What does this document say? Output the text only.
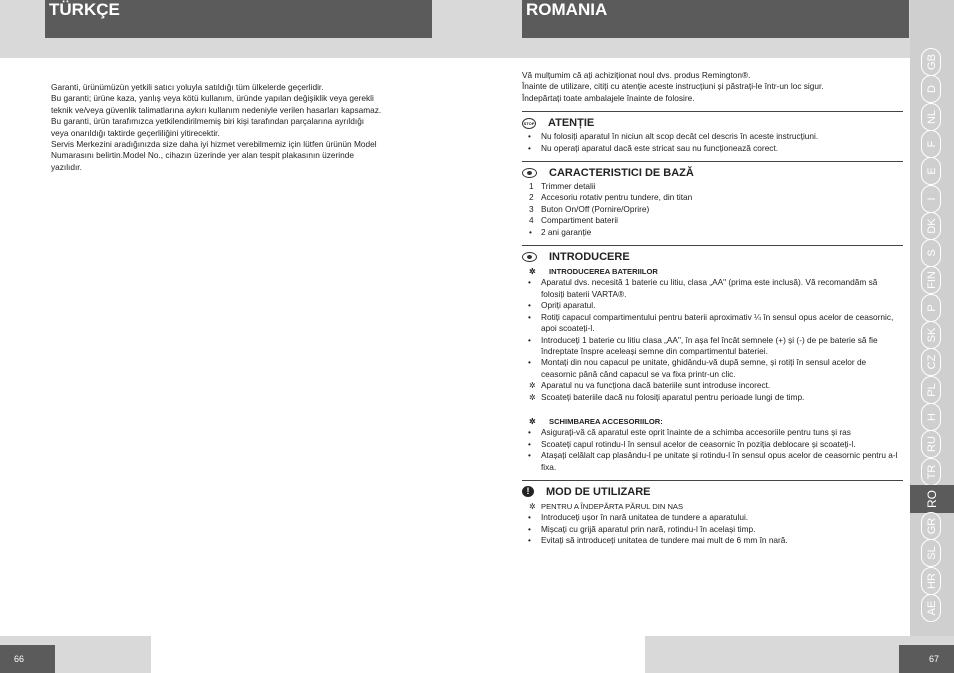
TÜRKÇE	ROMANIA
Garanti, ürünümüzün yetkili satıcı yoluyla satıldığı tüm ülkelerde geçerlidir.
Bu garanti; ürüne kaza, yanlış veya kötü kullanım, üründe yapılan değişiklik veya gerekli
teknik ve/veya güvenlik talimatlarına aykırı kullanım nedeniyle verilen hasarları kapsamaz.
Bu garanti, ürün tarafımızca yetkilendirilmemiş biri kişi tarafından parçalarına ayrıldığı
veya onarıldığı taktirde geçerliliğini yitirecektir.
Servis Merkezini aradığınızda size daha iyi hizmet verebilmemiz için lütfen ürünün Model
Numarasını belirtin.Model No., cihazın üzerinde yer alan tespit plakasının üzerinde
yazılıdır.

Vă mulțumim că ați achiziționat noul dvs. produs Remington®.

Înainte de utilizare, citiți cu atenție aceste instrucțiuni și păstrați-le într-un loc sigur.

Îndepărtați toate ambalajele înainte de folosire.

STOP ATENȚIE
• Nu folosiți aparatul în niciun alt scop decât cel descris în aceste instrucțiuni.
• Nu operați aparatul dacă este stricat sau nu funcționează corect.
CARACTERISTICI DE BAZĂ
1 Trimmer detalii
2 Accesoriu rotativ pentru tundere, din titan
3 Buton On/Off (Pornire/Oprire)
4 Compartiment baterii
• 2 ani garanție
INTRODUCERE
✲ INTRODUCEREA BATERIILOR
• Aparatul dvs. necesită 1 baterie cu litiu, clasa „AA" (prima este inclusă). Vă recomandăm să folosiți baterii VARTA®.
• Opriți aparatul.
• Rotiți capacul compartimentului pentru baterii aproximativ ¼ în sensul opus acelor de ceasornic, apoi scoateți-l.
• Introduceți 1 baterie cu litiu clasa „AA", în așa fel încât semnele (+) și (-) de pe baterie să fie îndreptate înspre aceleași semne din compartimentul bateriei.
• Montați din nou capacul pe unitate, ghidându-vă după semne, și rotiți în sensul acelor de ceasornic până când capacul se va fixa printr-un clic.
✲ Aparatul nu va funcționa dacă bateriile sunt introduse incorect.
✲ Scoateți bateriile dacă nu folosiți aparatul pentru perioade lungi de timp.
✲ SCHIMBAREA ACCESORIILOR:
• Asigurați-vă că aparatul este oprit înainte de a schimba accesoriile pentru tuns și ras
• Scoateți capul rotindu-l în sensul acelor de ceasornic în poziția deblocare și scoateți-l.
• Atașați celălalt cap plasându-l pe unitate și rotindu-l în sensul opus acelor de ceasornic pentru a-l fixa.
!	MOD DE UTILIZARE
✲ PENTRU A ÎNDEPĂRTA PĂRUL DIN NAS
• Introduceți ușor în nară unitatea de tundere a aparatului.
• Mișcați cu grijă aparatul prin nară, rotindu-l în același timp.
• Evitați să introduceți unitatea de tundere mai mult de 6 mm în nară.
GB
D
NL
F
E
I
DK
S
FIN
P
SK
CZ
PL
H
RU
TR
RO
GR
SL
HR
AE
66	67
